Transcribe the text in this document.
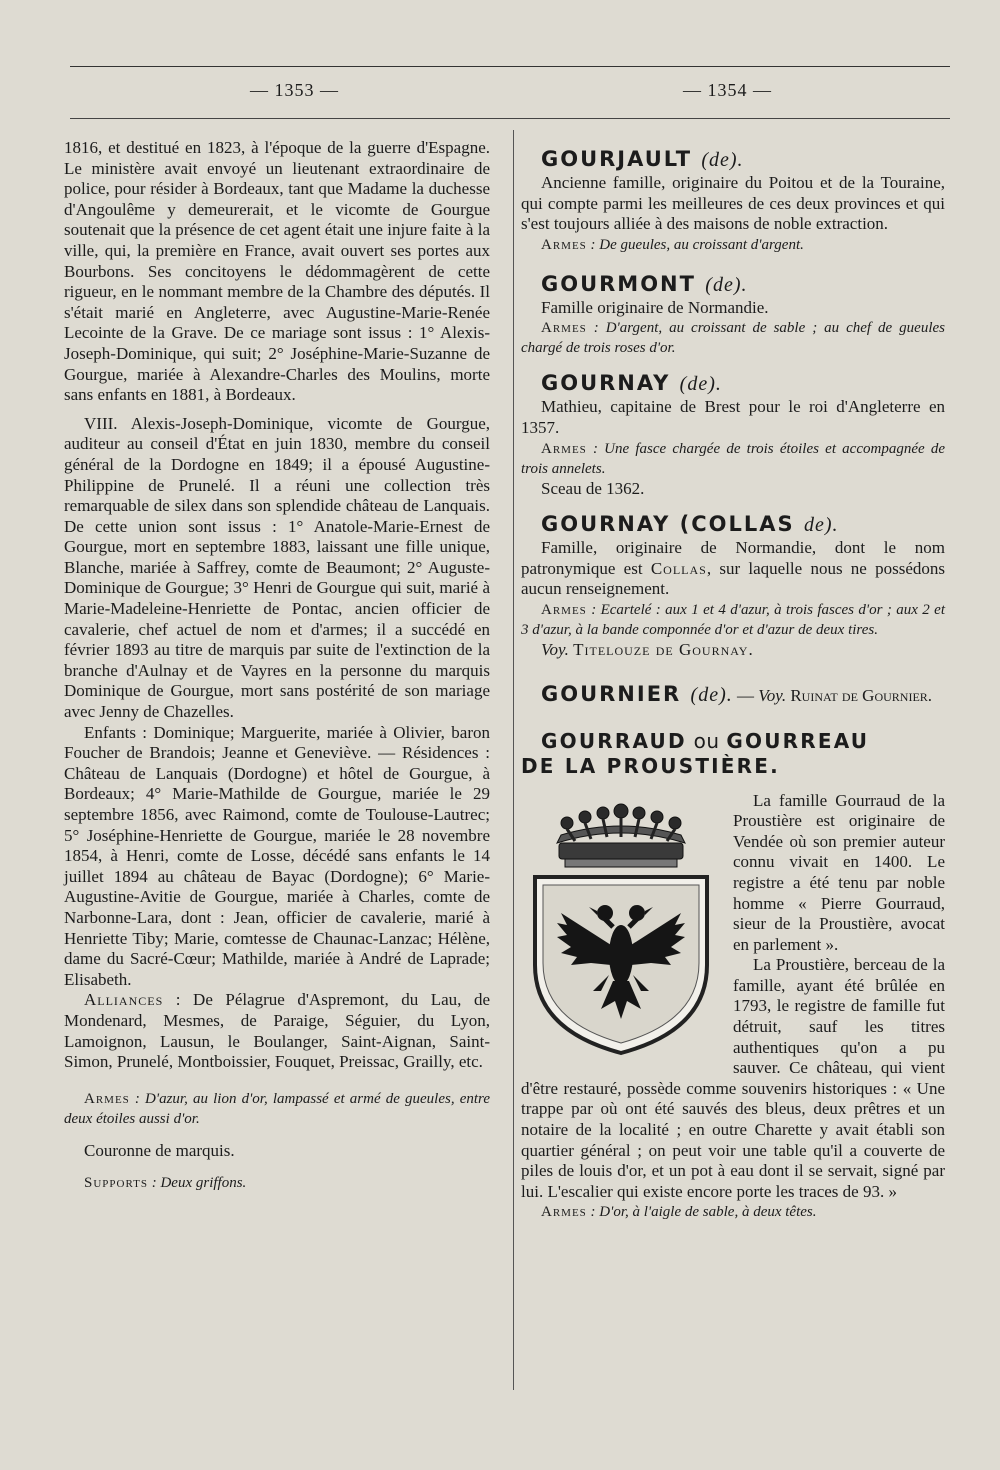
— 1353 —	— 1354 —

1816, et destitué en 1823, à l'époque de la guerre d'Espagne. Le ministère avait envoyé un lieutenant extraordinaire de police, pour résider à Bordeaux, tant que Madame la duchesse d'Angoulême y demeurerait, et le vicomte de Gourgue soutenait que la présence de cet agent était une injure faite à la ville, qui, la première en France, avait ouvert ses portes aux Bourbons. Ses concitoyens le dédommagèrent de cette rigueur, en le nommant membre de la Chambre des députés. Il s'était marié en Angleterre, avec Augustine-Marie-Renée Lecointe de la Grave. De ce mariage sont issus : 1° Alexis-Joseph-Dominique, qui suit; 2° Joséphine-Marie-Suzanne de Gourgue, mariée à Alexandre-Charles des Moulins, morte sans enfants en 1881, à Bordeaux.

VIII. Alexis-Joseph-Dominique, vicomte de Gourgue, auditeur au conseil d'État en juin 1830, membre du conseil général de la Dordogne en 1849; il a épousé Augustine-Philippine de Prunelé. Il a réuni une collection très remarquable de silex dans son splendide château de Lanquais. De cette union sont issus : 1° Anatole-Marie-Ernest de Gourgue, mort en septembre 1883, laissant une fille unique, Blanche, mariée à Saffrey, comte de Beaumont; 2° Auguste-Dominique de Gourgue; 3° Henri de Gourgue qui suit, marié à Marie-Madeleine-Henriette de Pontac, ancien officier de cavalerie, chef actuel de nom et d'armes; il a succédé en février 1893 au titre de marquis par suite de l'extinction de la branche d'Aulnay et de Vayres en la personne du marquis Dominique de Gourgue, mort sans postérité de son mariage avec Jenny de Chazelles.

Enfants : Dominique; Marguerite, mariée à Olivier, baron Foucher de Brandois; Jeanne et Geneviève. — Résidences : Château de Lanquais (Dordogne) et hôtel de Gourgue, à Bordeaux; 4° Marie-Mathilde de Gourgue, mariée le 29 septembre 1856, avec Raimond, comte de Toulouse-Lautrec; 5° Joséphine-Henriette de Gourgue, mariée le 28 novembre 1854, à Henri, comte de Losse, décédé sans enfants le 14 juillet 1894 au château de Bayac (Dordogne); 6° Marie-Augustine-Avitie de Gourgue, mariée à Charles, comte de Narbonne-Lara, dont : Jean, officier de cavalerie, marié à Henriette Tiby; Marie, comtesse de Chaunac-Lanzac; Hélène, dame du Sacré-Cœur; Mathilde, mariée à André de Laprade; Elisabeth.

Alliances : De Pélagrue d'Aspremont, du Lau, de Mondenard, Mesmes, de Paraige, Séguier, du Lyon, Lamoignon, Lausun, le Boulanger, Saint-Aignan, Saint-Simon, Prunelé, Montboissier, Fouquet, Preissac, Grailly, etc.

Armes : D'azur, au lion d'or, lampassé et armé de gueules, entre deux étoiles aussi d'or.

Couronne de marquis.

Supports : Deux griffons.

GOURJAULT (de).

Ancienne famille, originaire du Poitou et de la Touraine, qui compte parmi les meilleures de ces deux provinces et qui s'est toujours alliée à des maisons de noble extraction.

Armes : De gueules, au croissant d'argent.

GOURMONT (de).

Famille originaire de Normandie.

Armes : D'argent, au croissant de sable ; au chef de gueules chargé de trois roses d'or.

GOURNAY (de).

Mathieu, capitaine de Brest pour le roi d'Angleterre en 1357.

Armes : Une fasce chargée de trois étoiles et accompagnée de trois annelets.

Sceau de 1362.

GOURNAY (COLLAS de).

Famille, originaire de Normandie, dont le nom patronymique est Collas, sur laquelle nous ne possédons aucun renseignement.

Armes : Ecartelé : aux 1 et 4 d'azur, à trois fasces d'or ; aux 2 et 3 d'azur, à la bande componnée d'or et d'azur de deux tires.

Voy. Titelouze de Gournay.

GOURNIER (de). — Voy. Ruinat de Gournier.

GOURRAUD ou GOURREAU

DE LA PROUSTIÈRE.

La famille Gourraud de la Proustière est originaire de Vendée où son premier auteur connu vivait en 1400. Le registre a été tenu par noble homme « Pierre Gourraud, sieur de la Proustière, avocat en parlement ».

La Proustière, berceau de la famille, ayant été brûlée en 1793, le registre de famille fut détruit, sauf les titres authentiques qu'on a pu sauver. Ce château, qui vient d'être restauré, possède comme souvenirs historiques : « Une trappe par où ont été sauvés des bleus, deux prêtres et un notaire de la localité ; en outre Charette y avait établi son quartier général ; on peut voir une table qu'il a couverte de piles de louis d'or, et un pot à eau dont il se servait, signé par lui. L'escalier qui existe encore porte les traces de 93. »

Armes : D'or, à l'aigle de sable, à deux têtes.
